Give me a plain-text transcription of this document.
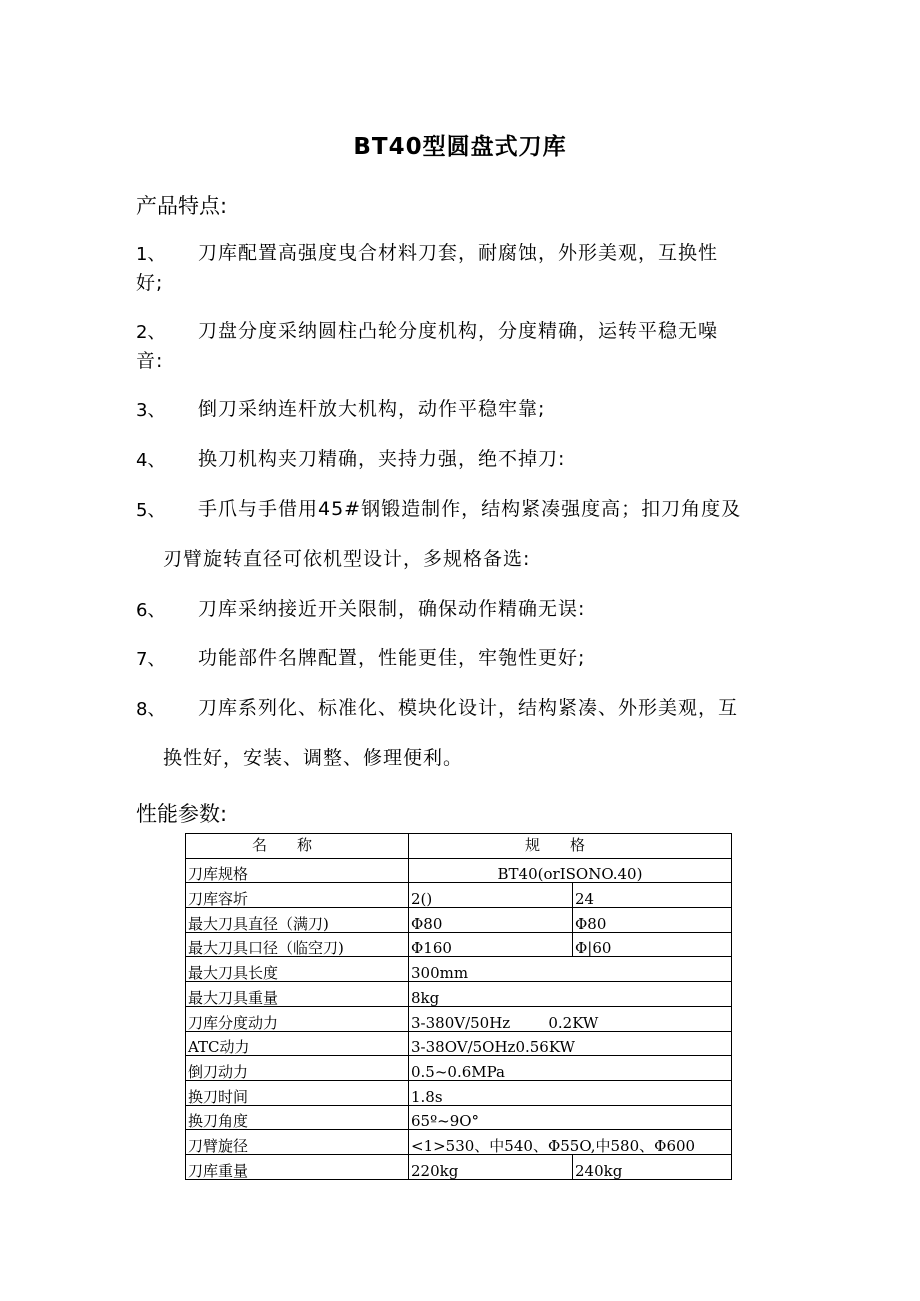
BT40型圆盘式刀库
产品特点:
1、 刀库配置高强度曳合材料刀套，耐腐蚀，外形美观，互换性
好;
2、 刀盘分度采纳圆柱凸轮分度机构，分度精确，运转平稳无噪
音:
3、 倒刀采纳连杆放大机构，动作平稳牢靠;
4、 换刀机构夹刀精确，夹持力强，绝不掉刀:
5、 手爪与手借用45#钢锻造制作，结构紧凑强度高；扣刀角度及
刃臂旋转直径可依机型设计，多规格备选:
6、 刀库采纳接近开关限制，确保动作精确无误:
7、 功能部件名牌配置，性能更佳，牢匏性更好;
8、 刀库系列化、标准化、模块化设计，结构紧凑、外形美观，互
换性好，安装、调整、修理便利。
性能参数:
名称	规格	
刀库规格	BT40(orISONO.40)	
刀库容圻	2()	24
最大刀具直径（满刀)	Φ80	Φ80
最大刀具口径（临空刀)	Φ160	Φ|60
最大刀具长度	300mm	
最大刀具重量	8kg	
刀库分度动力	3-380V/50Hz        0.2KW	
ATC动力	3-38OV/5OHz0.56KW	
倒刀动力	0.5~0.6MPa	
换刀时间	1.8s	
换刀角度	65º~9O°	
刀臂旋径	<1>530、中540、Φ55O,中580、Φ600	
刀库重量	220kg	240kg
